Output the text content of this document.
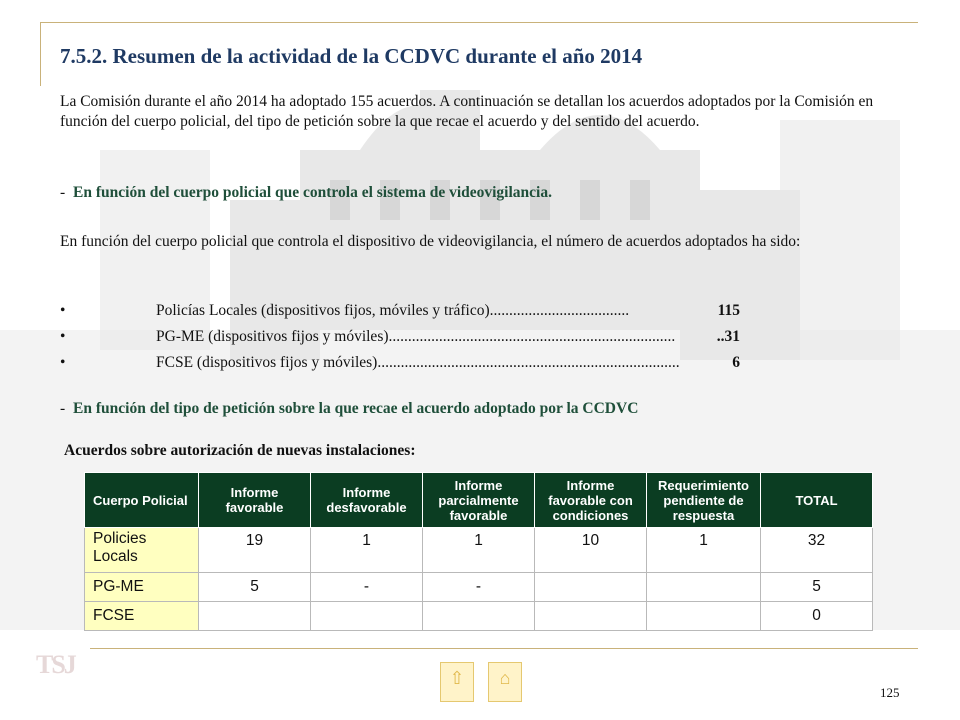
7.5.2. Resumen de la actividad de la CCDVC durante el año 2014

La Comisión durante el año 2014 ha adoptado 155 acuerdos. A continuación se detallan los acuerdos adoptados por la Comisión en función del cuerpo policial, del tipo de petición sobre la que recae el acuerdo y del sentido del acuerdo.

- En función del cuerpo policial que controla el sistema de videovigilancia.

En función del cuerpo policial que controla el dispositivo de videovigilancia, el número de acuerdos adoptados ha sido:

•	Policías Locales (dispositivos fijos, móviles y tráfico)....................................	115
•	PG-ME (dispositivos fijos y móviles)..........................................................................	..31
•	FCSE (dispositivos fijos y móviles)..............................................................................	6

- En función del tipo de petición sobre la que recae el acuerdo adoptado por la CCDVC

Acuerdos sobre autorización de nuevas instalaciones:

Cuerpo Policial	Informe favorable	Informe desfavorable	Informe parcialmente favorable	Informe favorable con condiciones	Requerimiento pendiente de respuesta	TOTAL
Policies Locals	19	1	1	10	1	32
PG-ME	5	-	-			5
FCSE						0
TSJ	⇧	⌂
125
